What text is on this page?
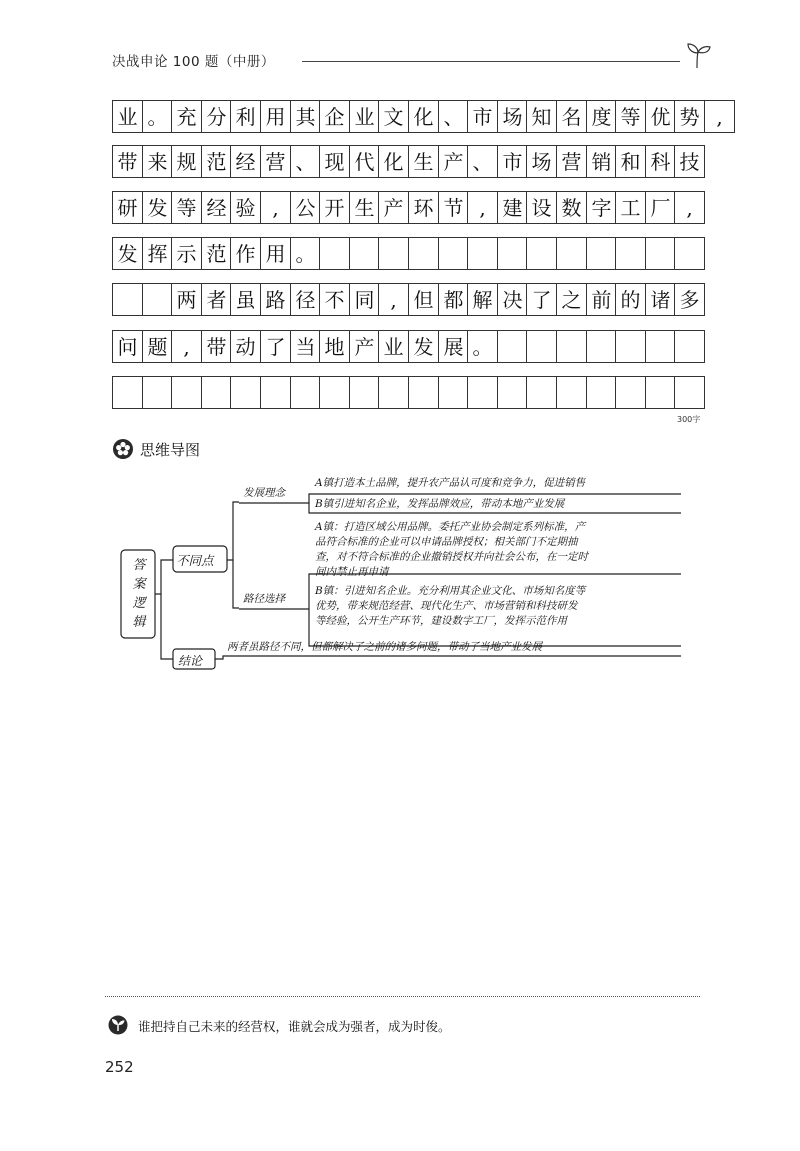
决战申论 100 题（中册）
业 。 充 分 利 用 其 企 业 文 化 、 市 场 知 名 度 等 优 势 ,
带 来 规 范 经 营 、 现 代 化 生 产 、 市 场 营 销 和 科 技
研 发 等 经 验 , 公 开 生 产 环 节 , 建 设 数 字 工 厂 ,
发 挥 示 范 作 用 。
两 者 虽 路 径 不 同 , 但 都 解 决 了 之 前 的 诸 多
问 题 , 带 动 了 当 地 产 业 发 展 。
300字
思维导图
答案逻辑
不同点
结论
发展理念
路径选择
A镇打造本土品牌，提升农产品认可度和竞争力，促进销售
B镇引进知名企业，发挥品牌效应，带动本地产业发展
A镇：打造区域公用品牌。委托产业协会制定系列标准，产
品符合标准的企业可以申请品牌授权；相关部门不定期抽
查，对不符合标准的企业撤销授权并向社会公布，在一定时
间内禁止再申请
B镇：引进知名企业。充分利用其企业文化、市场知名度等
优势，带来规范经营、现代化生产、市场营销和科技研发
等经验，公开生产环节，建设数字工厂，发挥示范作用
两者虽路径不同，但都解决了之前的诸多问题，带动了当地产业发展
谁把持自己未来的经营权，谁就会成为强者，成为时俊。
252
